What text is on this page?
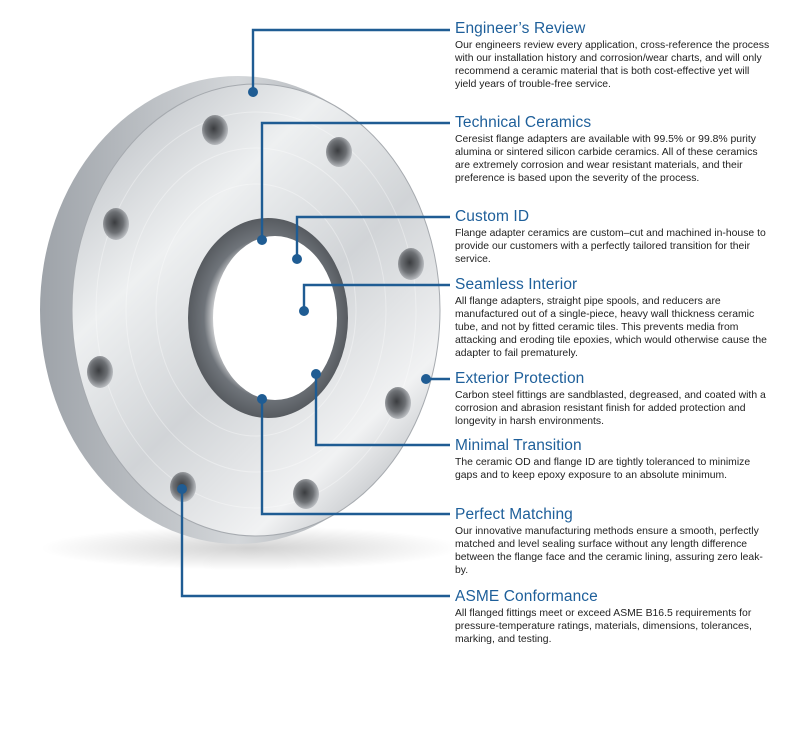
Engineer’s Review

Our engineers review every application, cross-reference the process with our installation history and corrosion/wear charts, and will only recommend a ceramic material that is both cost-effective yet will yield years of trouble-free service.

Technical Ceramics

Ceresist flange adapters are available with 99.5% or 99.8% purity alumina or sintered silicon carbide ceramics. All of these ceramics are extremely corrosion and wear resistant materials, and their preference is based upon the severity of the process.

Custom ID

Flange adapter ceramics are custom–cut and machined in-house to provide our customers with a perfectly tailored transition for their service.

Seamless Interior

All flange adapters, straight pipe spools, and reducers are manufactured out of a single-piece, heavy wall thickness ceramic tube, and not by fitted ceramic tiles. This prevents media from attacking and eroding tile epoxies, which would otherwise cause the adapter to fail prematurely.

Exterior Protection

Carbon steel fittings are sandblasted, degreased, and coated with a corrosion and abrasion resistant finish for added protection and longevity in harsh environments.

Minimal Transition

The ceramic OD and flange ID are tightly toleranced to minimize gaps and to keep epoxy exposure to an absolute minimum.

Perfect Matching

Our innovative manufacturing methods ensure a smooth, perfectly matched and level sealing surface without any length difference between the flange face and the ceramic lining, assuring zero leak-by.

ASME Conformance

All flanged fittings meet or exceed ASME B16.5 requirements for pressure-temperature ratings, materials, dimensions, tolerances, marking, and testing.
